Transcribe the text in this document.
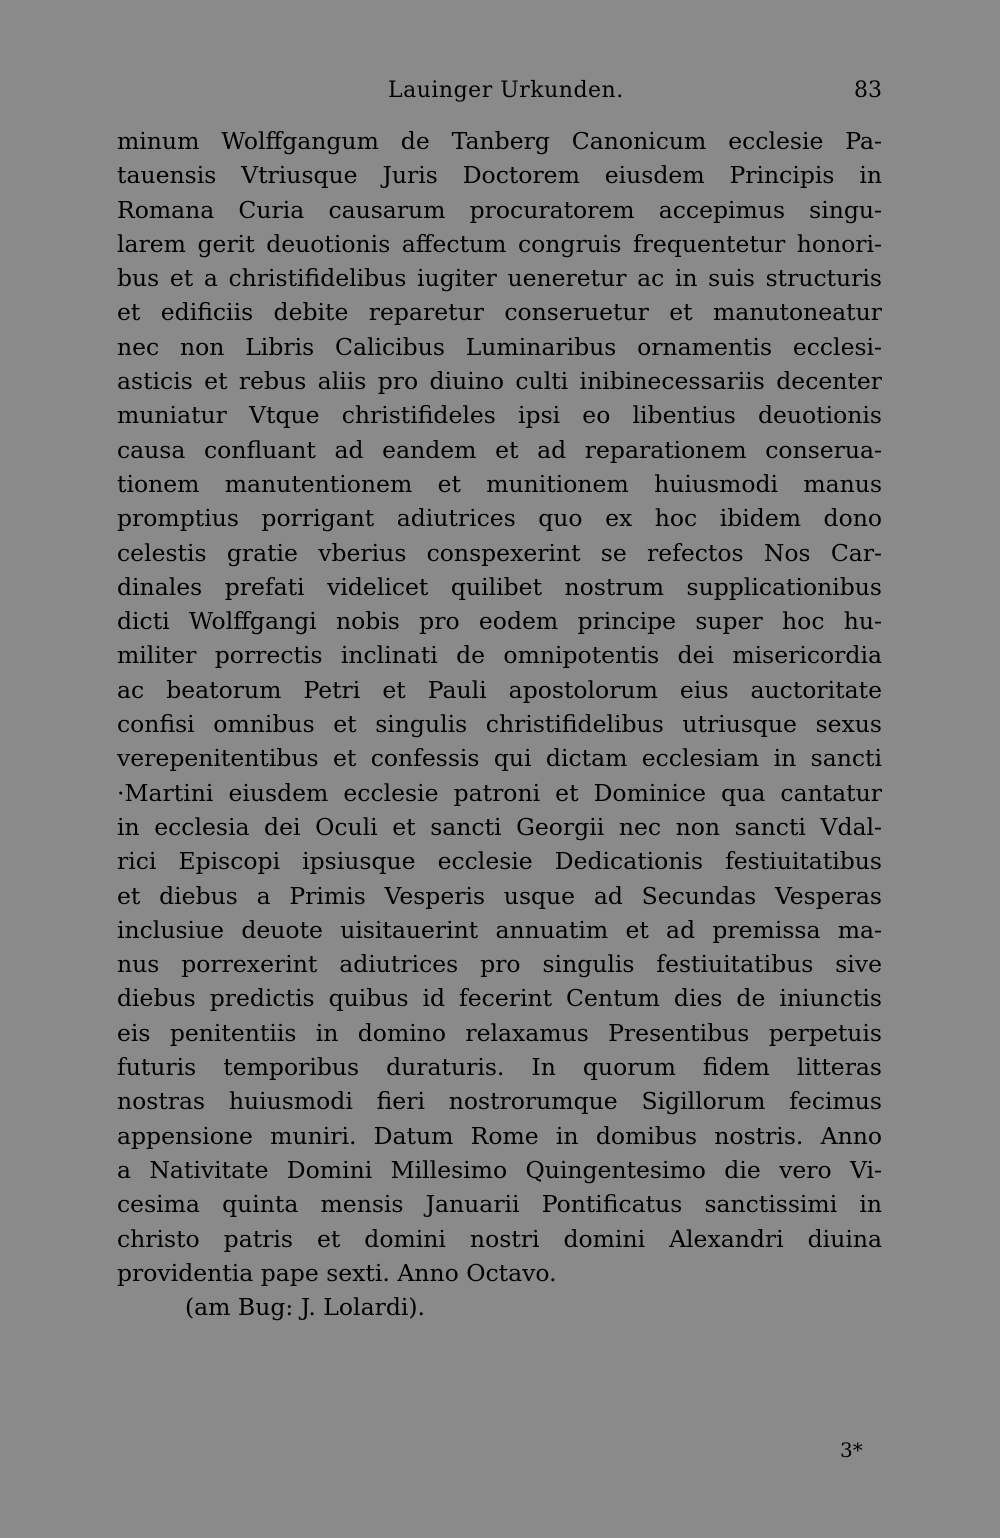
Lauinger Urkunden.	83
minum Wolffgangum de Tanberg Canonicum ecclesie Pa-
tauensis Vtriusque Juris Doctorem eiusdem Principis in
Romana Curia causarum procuratorem accepimus singu-
larem gerit deuotionis affectum congruis frequentetur honori-
bus et a christifidelibus iugiter ueneretur ac in suis structuris
et edificiis debite reparetur conseruetur et manutoneatur
nec non Libris Calicibus Luminaribus ornamentis ecclesi-
asticis et rebus aliis pro diuino culti inibinecessariis decenter
muniatur Vtque christifideles ipsi eo libentius deuotionis
causa confluant ad eandem et ad reparationem conserua-
tionem manutentionem et munitionem huiusmodi manus
promptius porrigant adiutrices quo ex hoc ibidem dono
celestis gratie vberius conspexerint se refectos Nos Car-
dinales prefati videlicet quilibet nostrum supplicationibus
dicti Wolffgangi nobis pro eodem principe super hoc hu-
militer porrectis inclinati de omnipotentis dei misericordia
ac beatorum Petri et Pauli apostolorum eius auctoritate
confisi omnibus et singulis christifidelibus utriusque sexus
verepenitentibus et confessis qui dictam ecclesiam in sancti
·Martini eiusdem ecclesie patroni et Dominice qua cantatur
in ecclesia dei Oculi et sancti Georgii nec non sancti Vdal-
rici Episcopi ipsiusque ecclesie Dedicationis festiuitatibus
et diebus a Primis Vesperis usque ad Secundas Vesperas
inclusiue deuote uisitauerint annuatim et ad premissa ma-
nus porrexerint adiutrices pro singulis festiuitatibus sive
diebus predictis quibus id fecerint Centum dies de iniunctis
eis penitentiis in domino relaxamus Presentibus perpetuis
futuris temporibus duraturis. In quorum fidem litteras
nostras huiusmodi fieri nostrorumque Sigillorum fecimus
appensione muniri. Datum Rome in domibus nostris. Anno
a Nativitate Domini Millesimo Quingentesimo die vero Vi-
cesima quinta mensis Januarii Pontificatus sanctissimi in
christo patris et domini nostri domini Alexandri diuina
providentia pape sexti. Anno Octavo.
(am Bug: J. Lolardi).
3*
